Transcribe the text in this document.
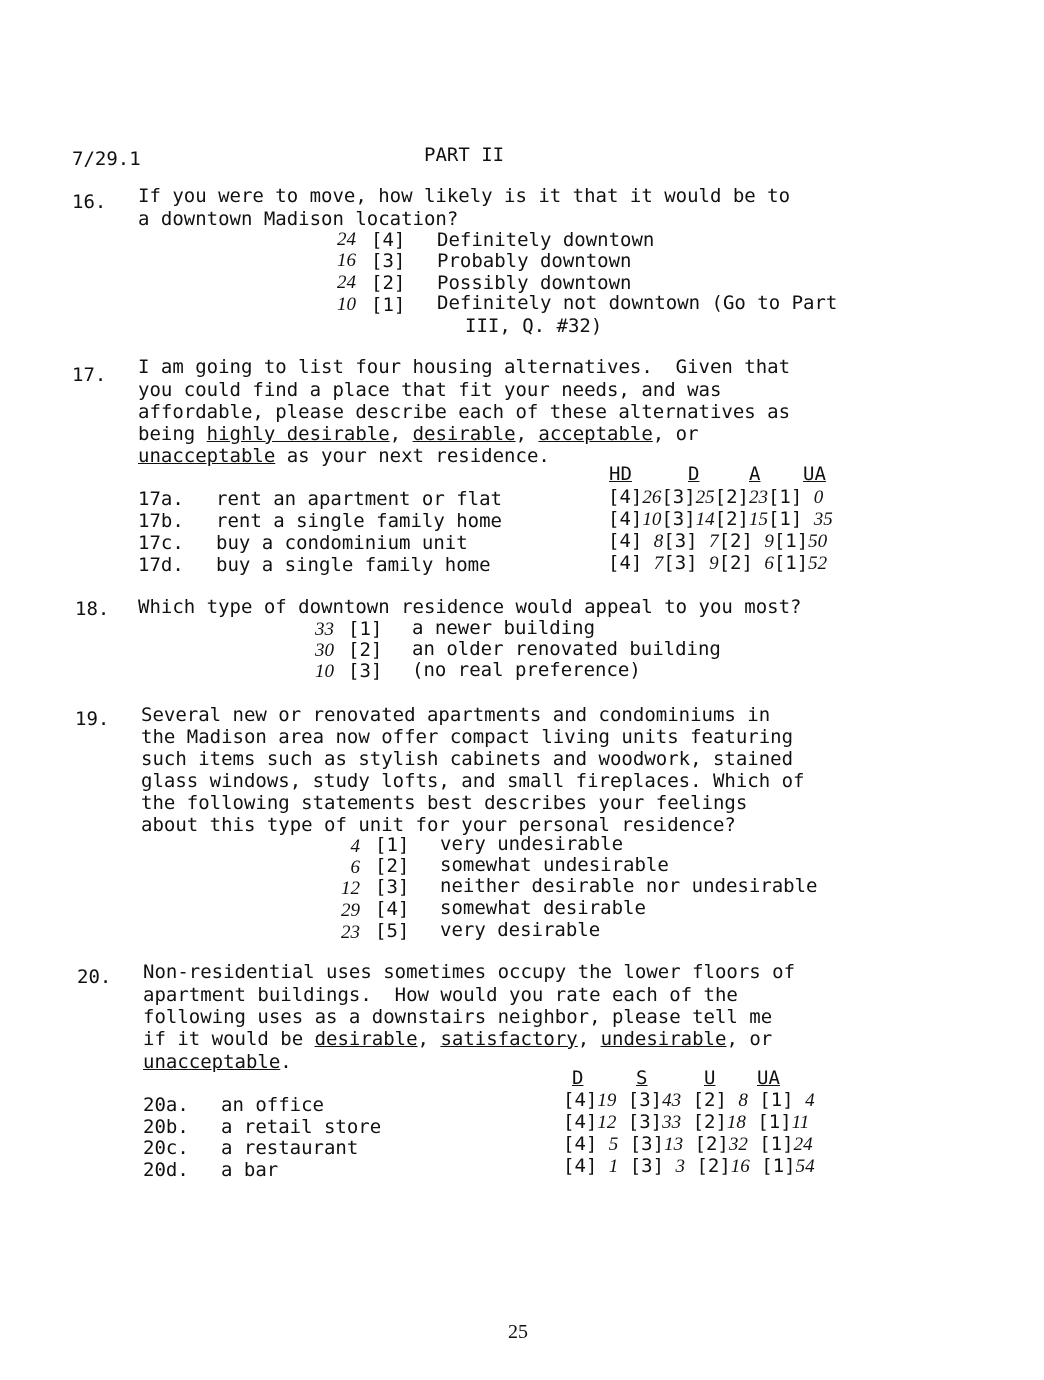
7/29.1	PART II
16. If you were to move, how likely is it that it would be to
a downtown Madison location?
24 [4] Definitely downtown
16 [3] Probably downtown
24 [2] Possibly downtown
10 [1] Definitely not downtown (Go to Part
III, Q. #32)
17. I am going to list four housing alternatives.  Given that
you could find a place that fit your needs, and was
affordable, please describe each of these alternatives as
being highly desirable, desirable, acceptable, or
unacceptable as your next residence.
HD	D	A UA
17a. rent an apartment or flat	[4]26[3]25[2]23[1] 0
17b. rent a single family home	[4]10[3]14[2]15[1] 35
17c. buy a condominium unit	[4] 8[3] 7[2] 9[1]50
17d. buy a single family home	[4] 7[3] 9[2] 6[1]52
18. Which type of downtown residence would appeal to you most?
33 [1] a newer building
30 [2] an older renovated building
10 [3] (no real preference)
19. Several new or renovated apartments and condominiums in
the Madison area now offer compact living units featuring
such items such as stylish cabinets and woodwork, stained
glass windows, study lofts, and small fireplaces. Which of
the following statements best describes your feelings
about this type of unit for your personal residence?
4 [1] very undesirable
6 [2] somewhat undesirable
12 [3] neither desirable nor undesirable
29 [4] somewhat desirable
23 [5] very desirable
20. Non-residential uses sometimes occupy the lower floors of
apartment buildings.  How would you rate each of the
following uses as a downstairs neighbor, please tell me
if it would be desirable, satisfactory, undesirable, or
unacceptable.
D	S	U UA
20a. an office	[4]19 [3]43 [2] 8 [1] 4
20b. a retail store	[4]12 [3]33 [2]18 [1]11
20c. a restaurant	[4] 5 [3]13 [2]32 [1]24
20d. a bar	[4] 1 [3] 3 [2]16 [1]54
25
